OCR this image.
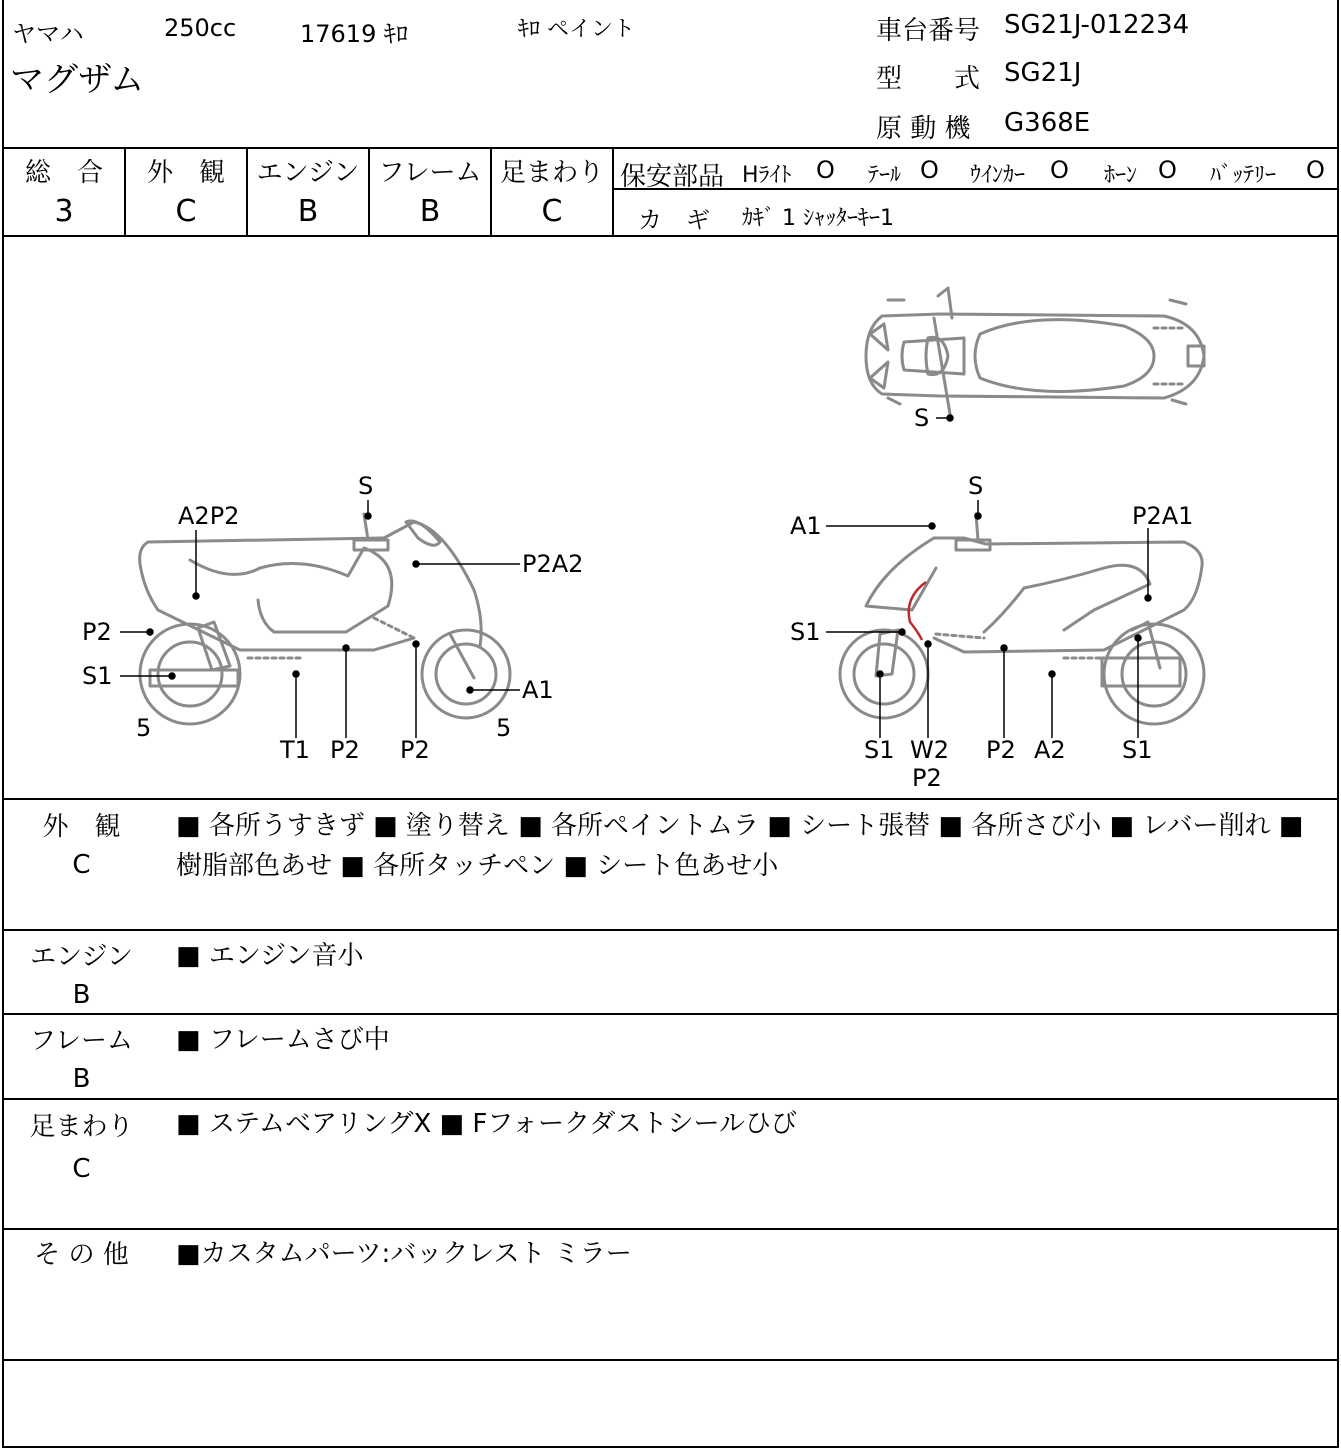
ヤマハ	250cc	17619 ｷﾛ	ｷﾛ ペイント
マグザム
車台番号 SG21J-012234
型　　式 SG21J
原 動 機 G368E
総　合
3
外　観
C
エンジン
B
フレーム
B
足まわり
C
保安部品 Hﾗｲﾄ O ﾃｰﾙ O ｳｲﾝｶｰ O ﾎｰﾝ O ﾊﾞｯﾃﾘｰ O
カ　ギ ｶｷﾞ 1 ｼｬｯﾀｰｷｰ1
S
S
A2P2
P2A2
P2
S1	A1
5	5
T1 P2 P2
S
A1	P2A1
S1
S1 W2
P2
P2 A2 S1
外　観
C
■ 各所うすきず ■ 塗り替え ■ 各所ペイントムラ ■ シート張替 ■ 各所さび小 ■ レバー削れ ■ 樹脂部色あせ ■ 各所タッチペン ■ シート色あせ小
エンジン
B
■ エンジン音小
フレーム
B
■ フレームさび中
足まわり
C
■ ステムベアリングX ■ Fフォークダストシールひび
そ の 他	■カスタムパーツ:バックレスト ミラー
